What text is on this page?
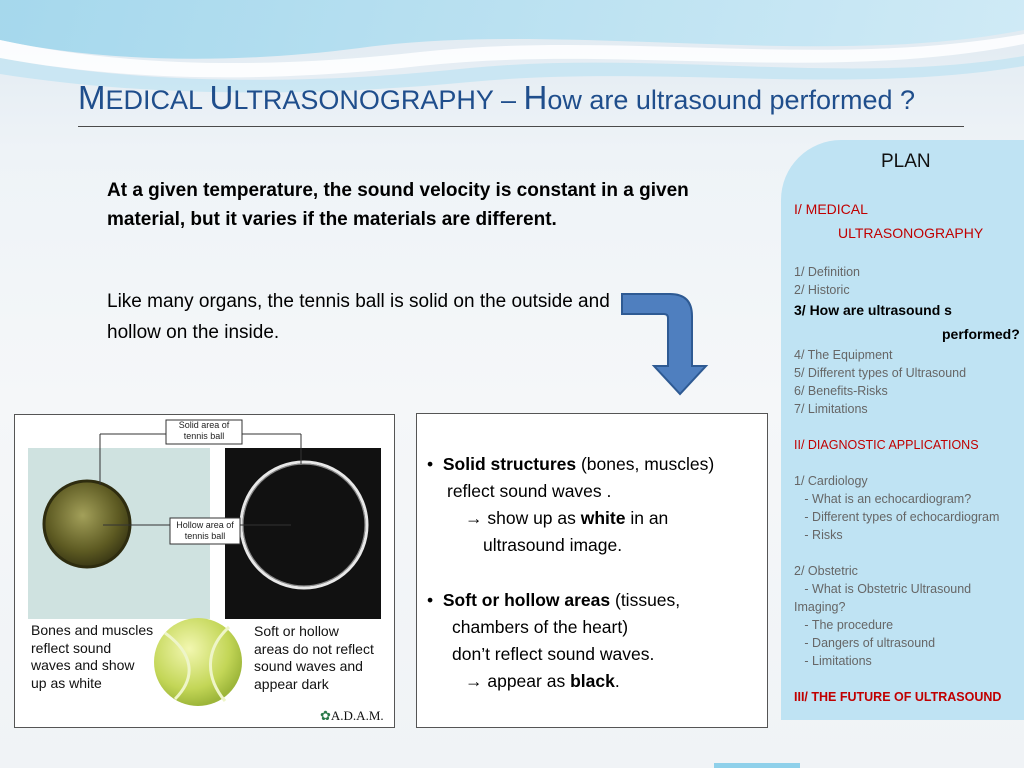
MEDICAL ULTRASONOGRAPHY – How are ultrasound performed ?
At a given temperature, the sound velocity is constant in a given material, but it varies if the materials are different.
Like many organs, the tennis ball is solid on the outside and hollow on the inside.
Solid area of
tennis ball
Hollow area of
tennis ball
Bones and muscles
reflect sound
waves and show
up as white
Soft or hollow
areas do not reflect
sound waves and
appear dark
✿A.D.A.M.
• Solid structures (bones, muscles)
reflect sound waves .
→ show up as white in an
ultrasound image.
• Soft or hollow areas (tissues,
chambers of the heart)
don’t reflect sound waves.
→ appear as black.
PLAN
I/ MEDICAL
ULTRASONOGRAPHY
1/ Definition
2/ Historic
3/ How are ultrasound s
performed?
4/ The Equipment
5/ Different types of Ultrasound
6/ Benefits-Risks
7/ Limitations
II/ DIAGNOSTIC APPLICATIONS
1/ Cardiology
- What is an echocardiogram?
- Different types of echocardiogram
- Risks
2/ Obstetric
- What is Obstetric Ultrasound
Imaging?
- The procedure
- Dangers of ultrasound
- Limitations
III/ THE FUTURE OF ULTRASOUND
